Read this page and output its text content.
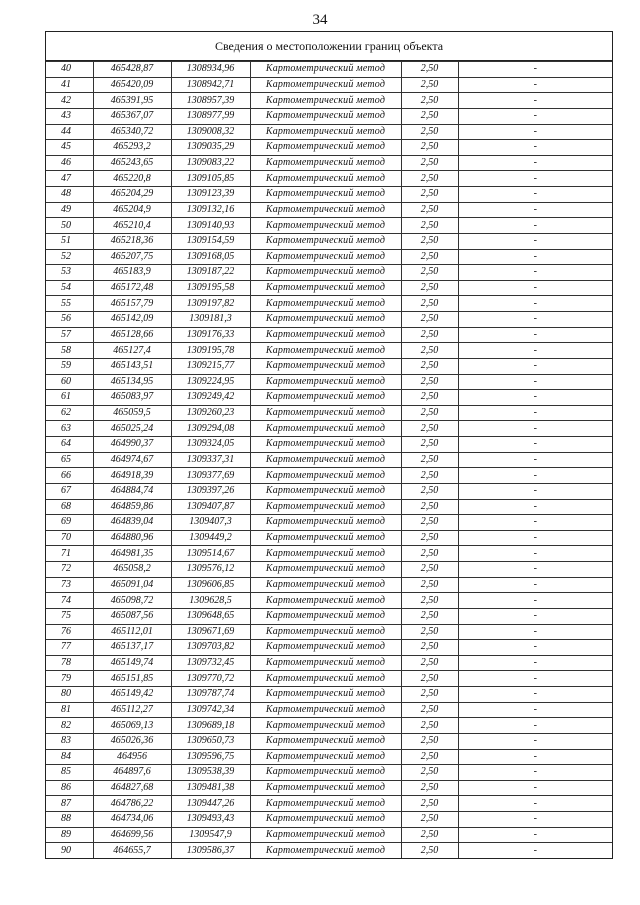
34
Сведения о местоположении границ объекта
40	465428,87	1308934,96	Картометрический метод	2,50	-
41	465420,09	1308942,71	Картометрический метод	2,50	-
42	465391,95	1308957,39	Картометрический метод	2,50	-
43	465367,07	1308977,99	Картометрический метод	2,50	-
44	465340,72	1309008,32	Картометрический метод	2,50	-
45	465293,2	1309035,29	Картометрический метод	2,50	-
46	465243,65	1309083,22	Картометрический метод	2,50	-
47	465220,8	1309105,85	Картометрический метод	2,50	-
48	465204,29	1309123,39	Картометрический метод	2,50	-
49	465204,9	1309132,16	Картометрический метод	2,50	-
50	465210,4	1309140,93	Картометрический метод	2,50	-
51	465218,36	1309154,59	Картометрический метод	2,50	-
52	465207,75	1309168,05	Картометрический метод	2,50	-
53	465183,9	1309187,22	Картометрический метод	2,50	-
54	465172,48	1309195,58	Картометрический метод	2,50	-
55	465157,79	1309197,82	Картометрический метод	2,50	-
56	465142,09	1309181,3	Картометрический метод	2,50	-
57	465128,66	1309176,33	Картометрический метод	2,50	-
58	465127,4	1309195,78	Картометрический метод	2,50	-
59	465143,51	1309215,77	Картометрический метод	2,50	-
60	465134,95	1309224,95	Картометрический метод	2,50	-
61	465083,97	1309249,42	Картометрический метод	2,50	-
62	465059,5	1309260,23	Картометрический метод	2,50	-
63	465025,24	1309294,08	Картометрический метод	2,50	-
64	464990,37	1309324,05	Картометрический метод	2,50	-
65	464974,67	1309337,31	Картометрический метод	2,50	-
66	464918,39	1309377,69	Картометрический метод	2,50	-
67	464884,74	1309397,26	Картометрический метод	2,50	-
68	464859,86	1309407,87	Картометрический метод	2,50	-
69	464839,04	1309407,3	Картометрический метод	2,50	-
70	464880,96	1309449,2	Картометрический метод	2,50	-
71	464981,35	1309514,67	Картометрический метод	2,50	-
72	465058,2	1309576,12	Картометрический метод	2,50	-
73	465091,04	1309606,85	Картометрический метод	2,50	-
74	465098,72	1309628,5	Картометрический метод	2,50	-
75	465087,56	1309648,65	Картометрический метод	2,50	-
76	465112,01	1309671,69	Картометрический метод	2,50	-
77	465137,17	1309703,82	Картометрический метод	2,50	-
78	465149,74	1309732,45	Картометрический метод	2,50	-
79	465151,85	1309770,72	Картометрический метод	2,50	-
80	465149,42	1309787,74	Картометрический метод	2,50	-
81	465112,27	1309742,34	Картометрический метод	2,50	-
82	465069,13	1309689,18	Картометрический метод	2,50	-
83	465026,36	1309650,73	Картометрический метод	2,50	-
84	464956	1309596,75	Картометрический метод	2,50	-
85	464897,6	1309538,39	Картометрический метод	2,50	-
86	464827,68	1309481,38	Картометрический метод	2,50	-
87	464786,22	1309447,26	Картометрический метод	2,50	-
88	464734,06	1309493,43	Картометрический метод	2,50	-
89	464699,56	1309547,9	Картометрический метод	2,50	-
90	464655,7	1309586,37	Картометрический метод	2,50	-
